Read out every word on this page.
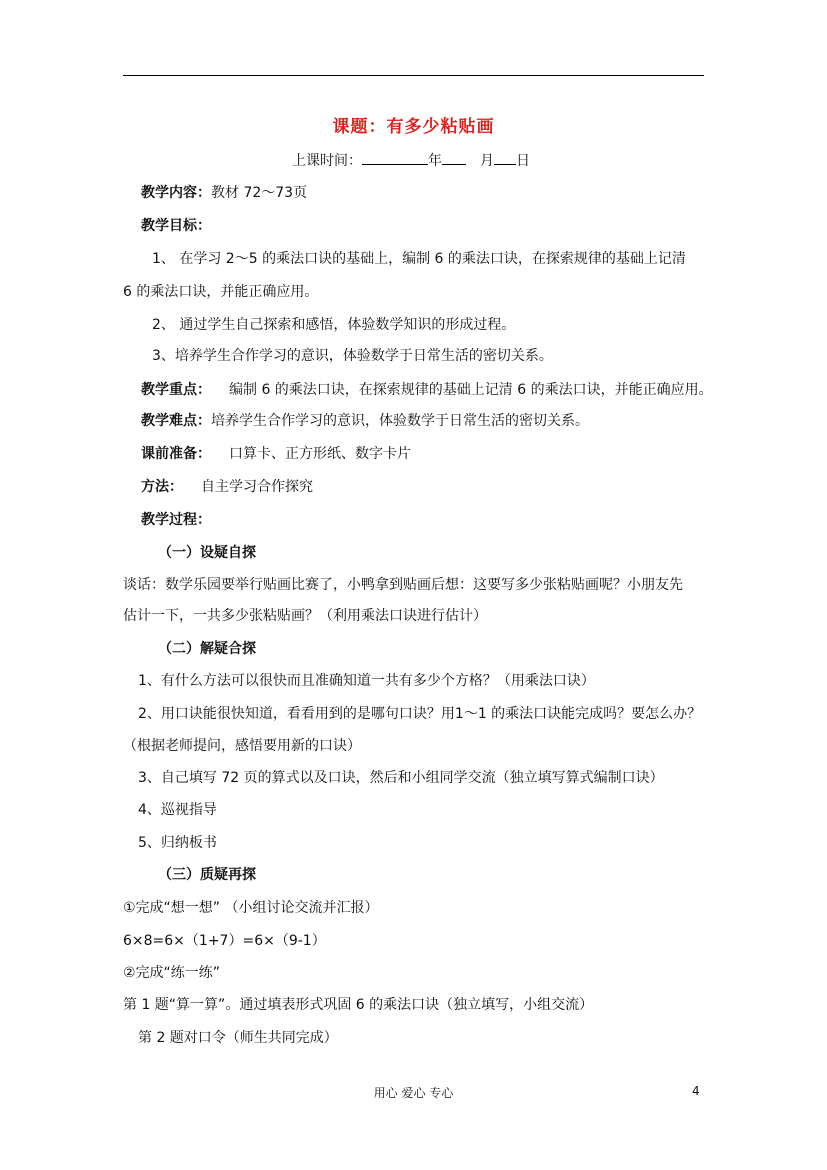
课题：有多少粘贴画
上课时间：	年	月 日
教学内容：教材 72～73页
教学目标：
1、 在学习 2～5 的乘法口诀的基础上，编制 6 的乘法口诀，在探索规律的基础上记清
6 的乘法口诀，并能正确应用。
2、 通过学生自己探索和感悟，体验数学知识的形成过程。
3、培养学生合作学习的意识，体验数学于日常生活的密切关系。
教学重点： 编制 6 的乘法口诀，在探索规律的基础上记清 6 的乘法口诀，并能正确应用。
教学难点：培养学生合作学习的意识，体验数学于日常生活的密切关系。
课前准备： 口算卡、正方形纸、数字卡片
方法： 自主学习合作探究
教学过程：
（一）设疑自探
谈话：数学乐园要举行贴画比赛了，小鸭拿到贴画后想：这要写多少张粘贴画呢？小朋友先
估计一下，一共多少张粘贴画？（利用乘法口诀进行估计）
（二）解疑合探
1、有什么方法可以很快而且准确知道一共有多少个方格？（用乘法口诀）
2、用口诀能很快知道，看看用到的是哪句口诀？用1～1 的乘法口诀能完成吗？要怎么办？
（根据老师提问，感悟要用新的口诀）
3、自己填写 72 页的算式以及口诀，然后和小组同学交流（独立填写算式编制口诀）
4、巡视指导
5、归纳板书
（三）质疑再探
①完成“想一想” （小组讨论交流并汇报）
6×8=6×（1+7）=6×（9-1）
②完成“练一练”
第 1 题“算一算”。通过填表形式巩固 6 的乘法口诀（独立填写，小组交流）
第 2 题对口令（师生共同完成）
用心 爱心 专心	4
